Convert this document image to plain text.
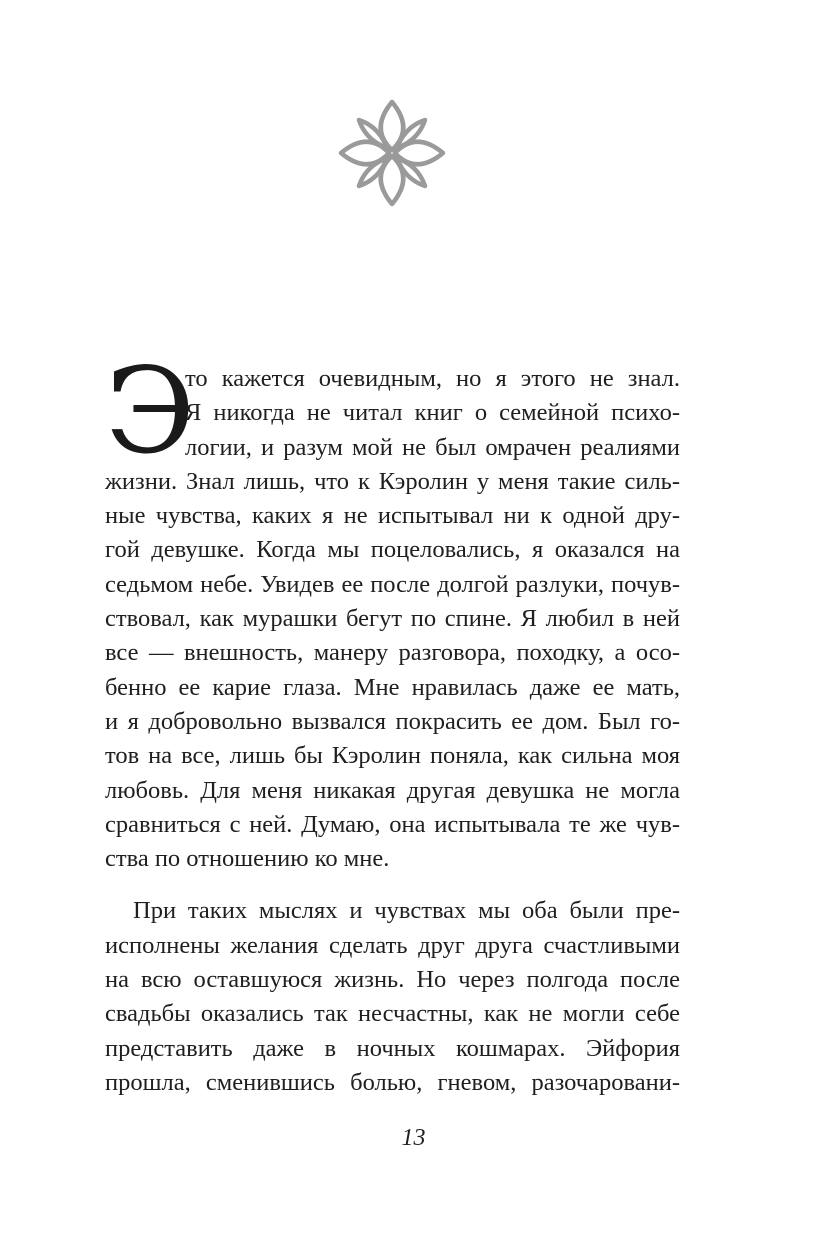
Э
то кажется очевидным, но я этого не знал.
Я никогда не читал книг о семейной психо-
логии, и разум мой не был омрачен реалиями
жизни. Знал лишь, что к Кэролин у меня такие силь-
ные чувства, каких я не испытывал ни к одной дру-
гой девушке. Когда мы поцеловались, я оказался на
седьмом небе. Увидев ее после долгой разлуки, почув-
ствовал, как мурашки бегут по спине. Я любил в ней
все — внешность, манеру разговора, походку, а осо-
бенно ее карие глаза. Мне нравилась даже ее мать,
и я добровольно вызвался покрасить ее дом. Был го-
тов на все, лишь бы Кэролин поняла, как сильна моя
любовь. Для меня никакая другая девушка не могла
сравниться с ней. Думаю, она испытывала те же чув-
ства по отношению ко мне.
При таких мыслях и чувствах мы оба были пре-
исполнены желания сделать друг друга счастливыми
на всю оставшуюся жизнь. Но через полгода после
свадьбы оказались так несчастны, как не могли себе
представить даже в ночных кошмарах. Эйфория
прошла, сменившись болью, гневом, разочаровани-
13
